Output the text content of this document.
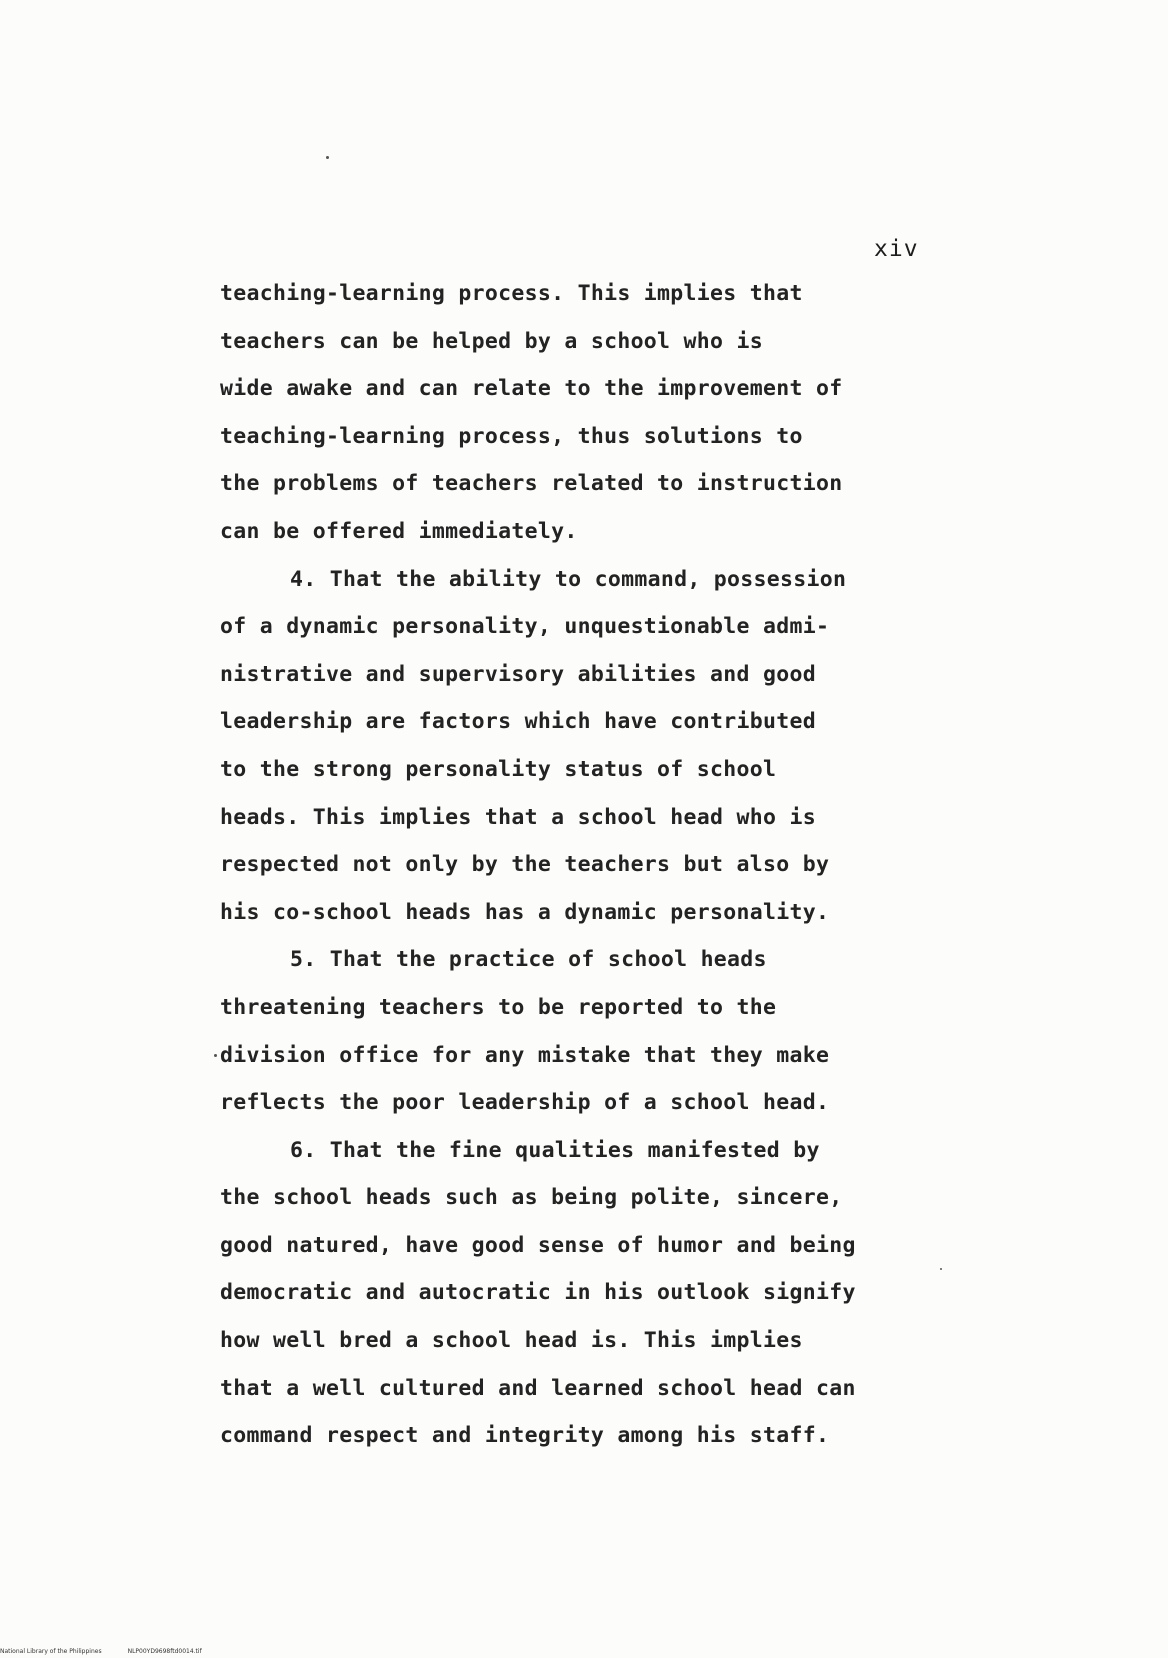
xiv
teaching-learning process. This implies that
teachers can be helped by a school who is
wide awake and can relate to the improvement of
teaching-learning process, thus solutions to
the problems of teachers related to instruction
can be offered immediately.
4. That the ability to command, possession
of a dynamic personality, unquestionable admi-
nistrative and supervisory abilities and good
leadership are factors which have contributed
to the strong personality status of school
heads. This implies that a school head who is
respected not only by the teachers but also by
his co-school heads has a dynamic personality.
5. That the practice of school heads
threatening teachers to be reported to the
division office for any mistake that they make
reflects the poor leadership of a school head.
6. That the fine qualities manifested by
the school heads such as being polite, sincere,
good natured, have good sense of humor and being
democratic and autocratic in his outlook signify
how well bred a school head is. This implies
that a well cultured and learned school head can
command respect and integrity among his staff.
National Library of the Philippines	NLP00YD9698ftd0014.tif
